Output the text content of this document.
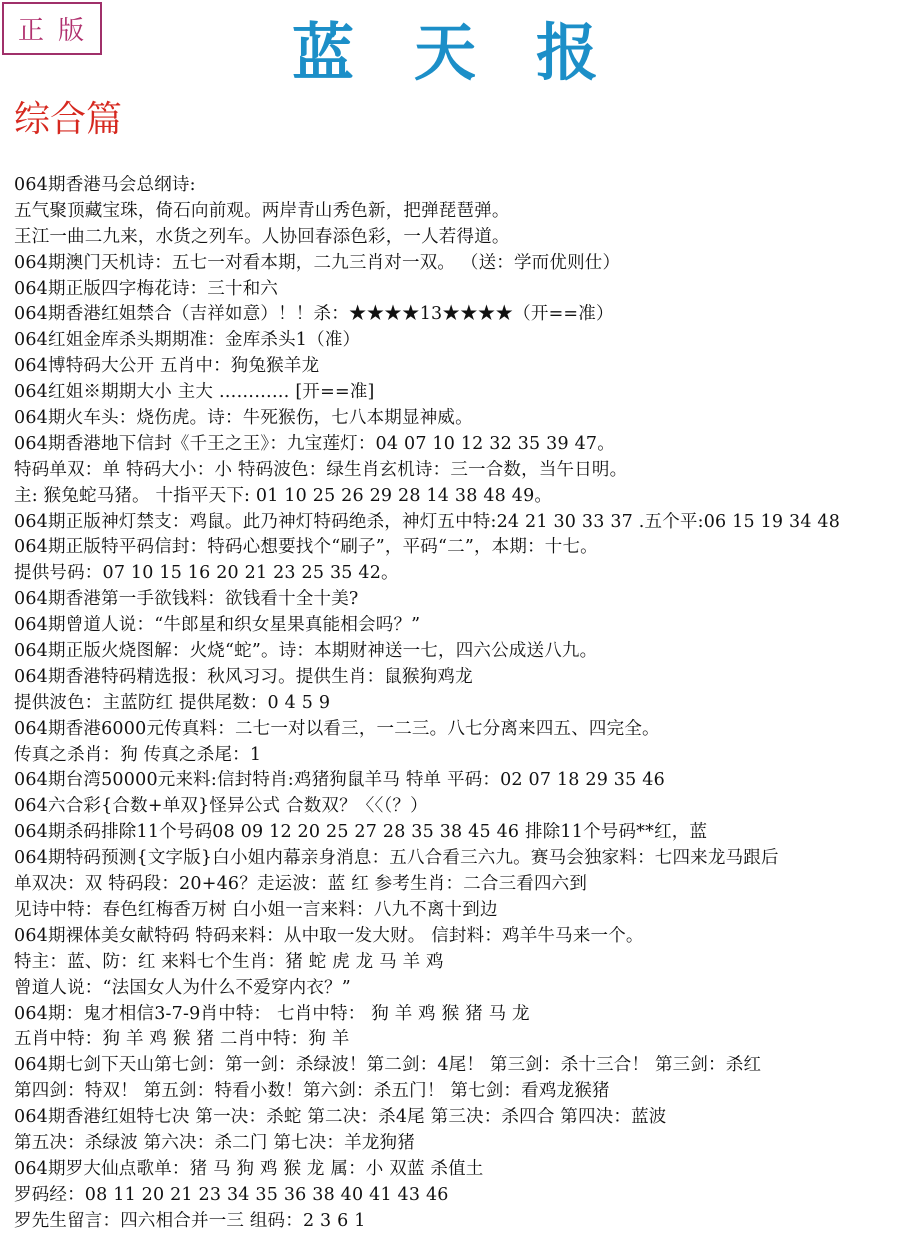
正版	蓝天报
综合篇
064期香港马会总纲诗:
五气聚顶藏宝珠，倚石向前观。两岸青山秀色新，把弹琵琶弹。
王江一曲二九来，水货之列车。人协回春添色彩，一人若得道。
064期澳门天机诗：五七一对看本期，二九三肖对一双。 （送：学而优则仕）
064期正版四字梅花诗：三十和六
064期香港红姐禁合（吉祥如意）！！杀：★★★★13★★★★（开==准）
064红姐金库杀头期期准：金库杀头1（准）
064博特码大公开 五肖中：狗兔猴羊龙
064红姐※期期大小 主大 ………… [开==准]
064期火车头：烧伤虎。诗：牛死猴伤，七八本期显神威。
064期香港地下信封《千王之王》：九宝莲灯：04 07 10 12 32 35 39 47。
特码单双：单 特码大小：小 特码波色：绿生肖玄机诗：三一合数，当午日明。
主: 猴兔蛇马猪。 十指平天下: 01 10 25 26 29 28 14 38 48 49。
064期正版神灯禁支：鸡鼠。此乃神灯特码绝杀，神灯五中特:24 21 30 33 37 .五个平:06 15 19 34 48
064期正版特平码信封：特码心想要找个“刷子”，平码“二”，本期：十七。
提供号码：07 10 15 16 20 21 23 25 35 42。
064期香港第一手欲钱料：欲钱看十全十美?
064期曾道人说：“牛郎星和织女星果真能相会吗？”
064期正版火烧图解：火烧“蛇”。诗：本期财神送一七，四六公成送八九。
064期香港特码精选报：秋风习习。提供生肖：鼠猴狗鸡龙
提供波色：主蓝防红 提供尾数：0 4 5 9
064期香港6000元传真料：二七一对以看三，一二三。八七分离来四五、四完全。
传真之杀肖：狗 传真之杀尾：1
064期台湾50000元来料:信封特肖:鸡猪狗鼠羊马 特单 平码：02 07 18 29 35 46
064六合彩{合数+单双}怪异公式 合数双？〈〈（？）
064期杀码排除11个号码08 09 12 20 25 27 28 35 38 45 46 排除11个号码**红，蓝
064期特码预测{文字版}白小姐内幕亲身消息：五八合看三六九。赛马会独家料：七四来龙马跟后
单双决：双 特码段：20+46？走运波：蓝 红 参考生肖：二合三看四六到
见诗中特：春色红梅香万树 白小姐一言来料：八九不离十到边
064期裸体美女献特码 特码来料：从中取一发大财。 信封料：鸡羊牛马来一个。
特主：蓝、防：红 来料七个生肖：猪 蛇 虎 龙 马 羊 鸡
曾道人说：“法国女人为什么不爱穿内衣？”
064期：鬼才相信3-7-9肖中特： 七肖中特： 狗 羊 鸡 猴 猪 马 龙
五肖中特：狗 羊 鸡 猴 猪 二肖中特：狗 羊
064期七剑下天山第七剑：第一剑：杀绿波！第二剑：4尾！ 第三剑：杀十三合！ 第三剑：杀红
第四剑：特双！ 第五剑：特看小数！第六剑：杀五门！ 第七剑：看鸡龙猴猪
064期香港红姐特七决 第一决：杀蛇 第二决：杀4尾 第三决：杀四合 第四决：蓝波
第五决：杀绿波 第六决：杀二门 第七决：羊龙狗猪
064期罗大仙点歌单：猪 马 狗 鸡 猴 龙 属：小 双蓝 杀值土
罗码经：08 11 20 21 23 34 35 36 38 40 41 43 46
罗先生留言：四六相合并一三 组码：2 3 6 1
